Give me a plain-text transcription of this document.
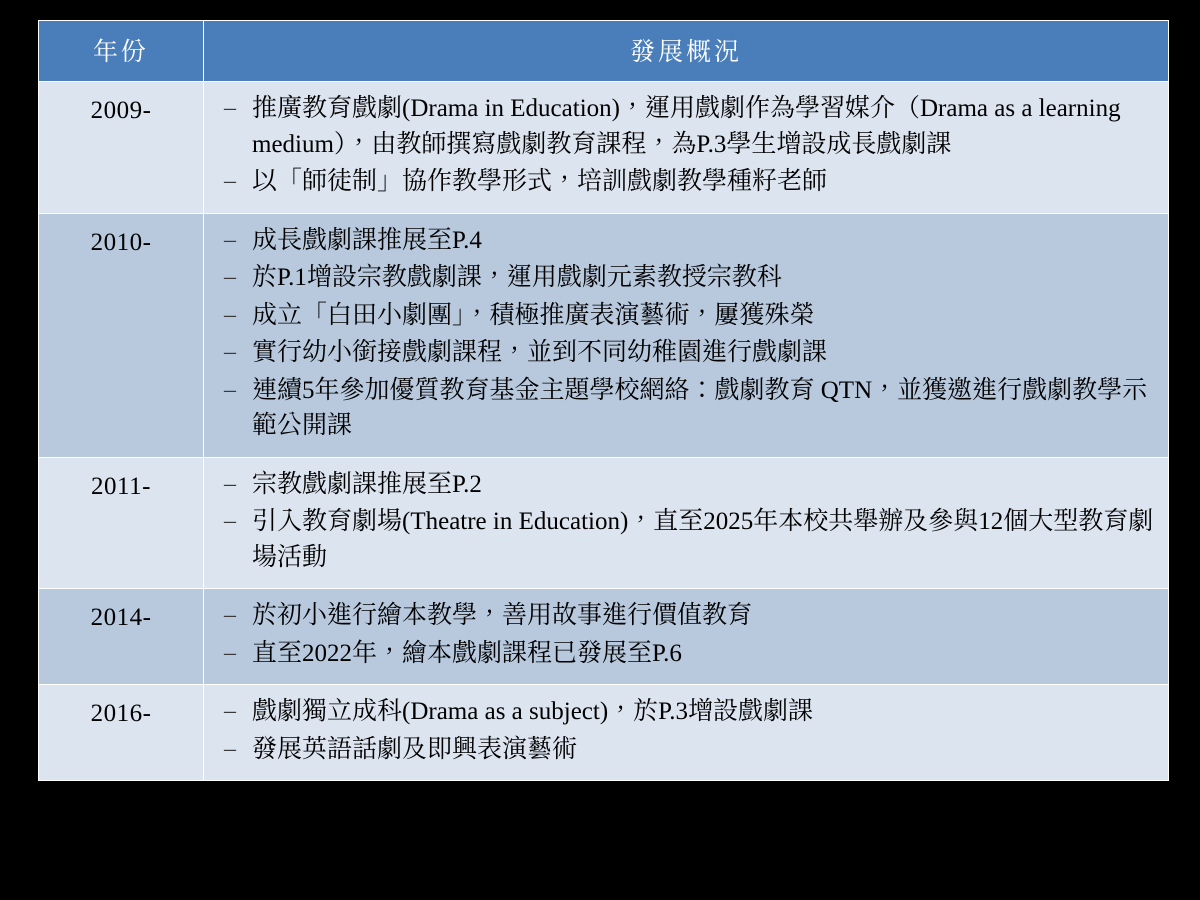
年份	發展概況
2009-	– 推廣教育戲劇(Drama in Education)，運用戲劇作為學習媒介（Drama as a learning medium），由教師撰寫戲劇教育課程，為P.3學生增設成長戲劇課
– 以「師徒制」協作教學形式，培訓戲劇教學種籽老師

2010-	– 成長戲劇課推展至P.4
– 於P.1增設宗教戲劇課，運用戲劇元素教授宗教科
– 成立「白田小劇團」，積極推廣表演藝術，屢獲殊榮
– 實行幼小銜接戲劇課程，並到不同幼稚園進行戲劇課
– 連續5年參加優質教育基金主題學校網絡：戲劇教育 QTN，並獲邀進行戲劇教學示範公開課

2011-	– 宗教戲劇課推展至P.2
– 引入教育劇場(Theatre in Education)，直至2025年本校共舉辦及參與12個大型教育劇場活動

2014-	– 於初小進行繪本教學，善用故事進行價值教育
– 直至2022年，繪本戲劇課程已發展至P.6

2016-	– 戲劇獨立成科(Drama as a subject)，於P.3增設戲劇課
– 發展英語話劇及即興表演藝術
